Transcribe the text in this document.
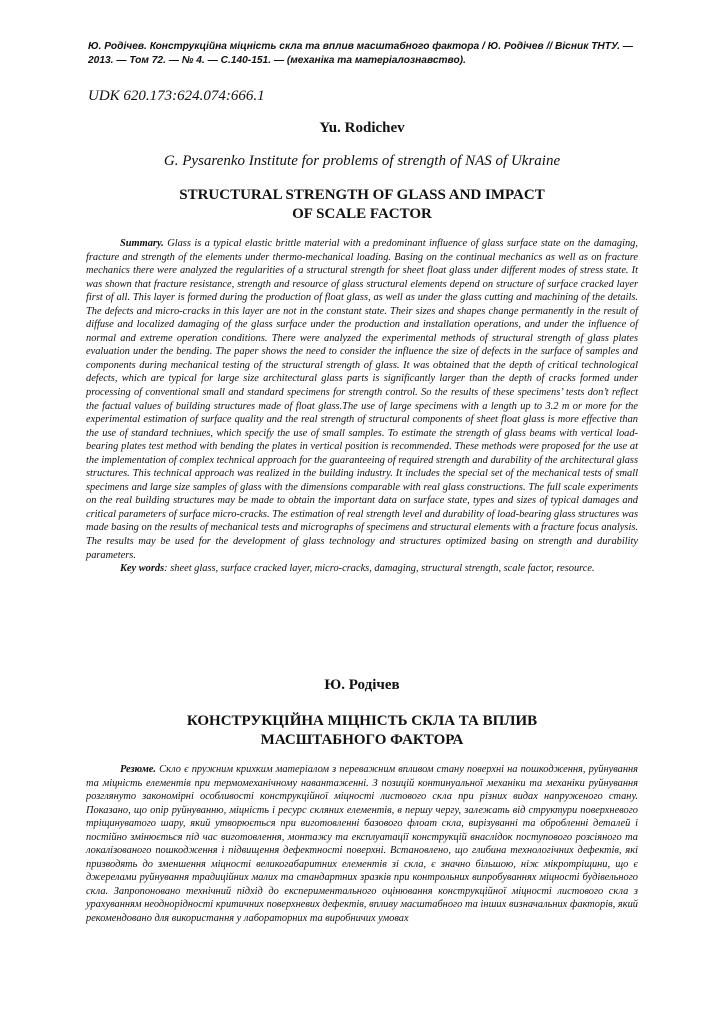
Ю. Родічев. Конструкційна міцність скла та вплив масштабного фактора / Ю. Родічев // Вісник ТНТУ. — 2013. — Том 72. — № 4. — С.140-151. — (механіка та матеріалознавство).

UDK 620.173:624.074:666.1

Yu. Rodichev

G. Pysarenko Institute for problems of strength of NAS of Ukraine

STRUCTURAL STRENGTH OF GLASS AND IMPACT
OF SCALE FACTOR

Summary. Glass is a typical elastic brittle material with a predominant influence of glass surface state on the damaging, fracture and strength of the elements under thermo-mechanical loading. Basing on the continual mechanics as well as on fracture mechanics there were analyzed the regularities of a structural strength for sheet float glass under different modes of stress state. It was shown that fracture resistance, strength and resource of glass structural elements depend on structure of surface cracked layer first of all. This layer is formed during the production of float glass, as well as under the glass cutting and machining of the details. The defects and micro-cracks in this layer are not in the constant state. Their sizes and shapes change permanently in the result of diffuse and localized damaging of the glass surface under the production and installation operations, and under the influence of normal and extreme operation conditions. There were analyzed the experimental methods of structural strength of glass plates evaluation under the bending. The paper shows the need to consider the influence the size of defects in the surface of samples and components during mechanical testing of the structural strength of glass. It was obtained that the depth of critical technological defects, which are typical for large size architectural glass parts is significantly larger than the depth of cracks formed under processing of conventional small and standard specimens for strength control. So the results of these specimens’ tests don’t reflect the factual values of building structures made of float glass.The use of large specimens with a length up to 3.2 m or more for the experimental estimation of surface quality and the real strength of structural components of sheet float glass is more effective than the use of standard techniues, which specify the use of small samples. To estimate the strength of glass beams with vertical load-bearing plates test method with bending the plates in vertical position is recommended. These methods were proposed for the use at the implementation of complex technical approach for the guaranteeing of required strength and durability of the architectural glass structures. This technical approach was realized in the building industry. It includes the special set of the mechanical tests of small specimens and large size samples of glass with the dimensions comparable with real glass constructions. The full scale experiments on the real building structures may be made to obtain the important data on surface state, types and sizes of typical damages and critical parameters of surface micro-cracks. The estimation of real strength level and durability of load-bearing glass structures was made basing on the results of mechanical tests and micrographs of specimens and structural elements with a fracture focus analysis. The results may be used for the development of glass technology and structures optimized basing on strength and durability parameters.

Key words: sheet glass, surface cracked layer, micro-cracks, damaging, structural strength, scale factor, resource.

Ю. Родічев

КОНСТРУКЦІЙНА МІЦНІСТЬ СКЛА ТА ВПЛИВ
МАСШТАБНОГО ФАКТОРА

Резюме. Скло є пружним крихким матеріалом з переважним впливом стану поверхні на пошкодження, руйнування та міцність елементів при термомеханічному навантаженні. З позицій континуальної механіки та механіки руйнування розглянуто закономірні особливості конструкційної міцності листового скла при різних видах напруженого стану. Показано, що опір руйнуванню, міцність і ресурс скляних елементів, в першу чергу, залежать від структури поверхневого тріщинуватого шару, який утворюється при виготовленні базового флоат скла, вирізуванні та обробленні деталей і постійно змінюється під час виготовлення, монтажу та експлуатації конструкцій внаслідок поступового розсіяного та локалізованого пошкодження і підвищення дефектності поверхні. Встановлено, що глибина технологічних дефектів, які призводять до зменшення міцності великогабаритних елементів зі скла, є значно більшою, ніж мікротріщини, що є джерелами руйнування традиційних малих та стандартних зразків при контрольних випробуваннях міцності будівельного скла. Запропоновано технічний підхід до експериментального оцінювання конструкційної міцності листового скла з урахуванням неоднорідності критичних поверхневих дефектів, впливу масштабного та інших визначальних факторів, який рекомендовано для використання у лабораторних та виробничих умовах
